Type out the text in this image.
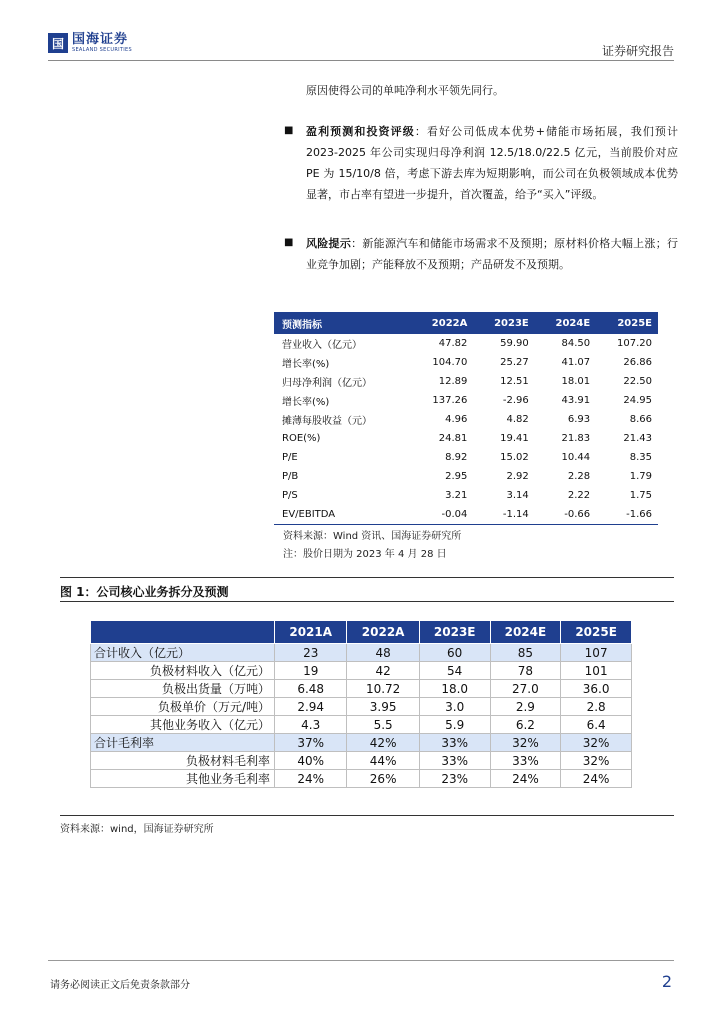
国 国海证券
SEALAND SECURITIES	证券研究报告
原因使得公司的单吨净利水平领先同行。
■ 盈利预测和投资评级：看好公司低成本优势+储能市场拓展，我们预计 2023-2025 年公司实现归母净利润 12.5/18.0/22.5 亿元，当前股价对应 PE 为 15/10/8 倍，考虑下游去库为短期影响，而公司在负极领域成本优势显著，市占率有望进一步提升，首次覆盖，给予“买入”评级。
■ 风险提示：新能源汽车和储能市场需求不及预期；原材料价格大幅上涨；行业竞争加剧；产能释放不及预期；产品研发不及预期。
预测指标	2022A	2023E	2024E	2025E
营业收入（亿元）	47.82	59.90	84.50	107.20
增长率(%)	104.70	25.27	41.07	26.86
归母净利润（亿元）	12.89	12.51	18.01	22.50
增长率(%)	137.26	-2.96	43.91	24.95
摊薄每股收益（元）	4.96	4.82	6.93	8.66
ROE(%)	24.81	19.41	21.83	21.43
P/E	8.92	15.02	10.44	8.35
P/B	2.95	2.92	2.28	1.79
P/S	3.21	3.14	2.22	1.75
EV/EBITDA	-0.04	-1.14	-0.66	-1.66
资料来源：Wind 资讯、国海证券研究所
注：股价日期为 2023 年 4 月 28 日
图 1：公司核心业务拆分及预测
	2021A	2022A	2023E	2024E	2025E
合计收入（亿元）	23	48	60	85	107
负极材料收入（亿元）	19	42	54	78	101
负极出货量（万吨）	6.48	10.72	18.0	27.0	36.0
负极单价（万元/吨）	2.94	3.95	3.0	2.9	2.8
其他业务收入（亿元）	4.3	5.5	5.9	6.2	6.4
合计毛利率	37%	42%	33%	32%	32%
负极材料毛利率	40%	44%	33%	33%	32%
其他业务毛利率	24%	26%	23%	24%	24%
资料来源：wind，国海证券研究所
请务必阅读正文后免责条款部分	2
